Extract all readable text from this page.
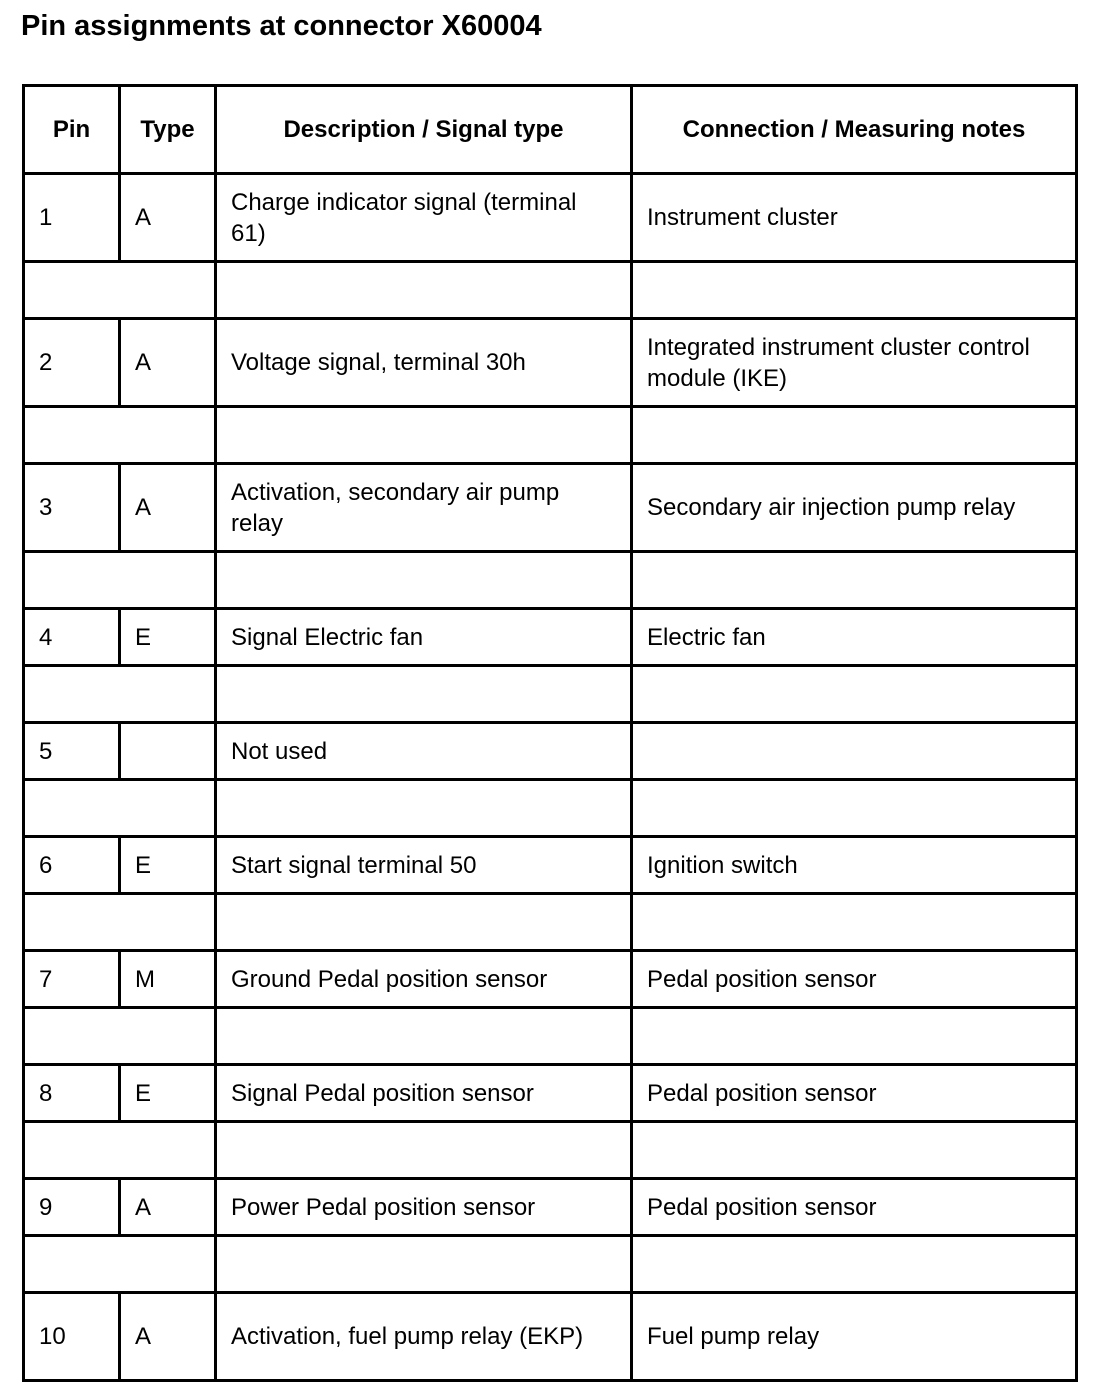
Pin assignments at connector X60004
Pin	Type	Description / Signal type	Connection / Measuring notes
1	A	Charge indicator signal (terminal 61)	Instrument cluster

2	A	Voltage signal, terminal 30h	Integrated instrument cluster control module (IKE)

3	A	Activation, secondary air pump relay	Secondary air injection pump relay

4	E	Signal Electric fan	Electric fan

5		Not used	

6	E	Start signal terminal 50	Ignition switch

7	M	Ground Pedal position sensor	Pedal position sensor

8	E	Signal Pedal position sensor	Pedal position sensor

9	A	Power Pedal position sensor	Pedal position sensor

10	A	Activation, fuel pump relay (EKP)	Fuel pump relay
